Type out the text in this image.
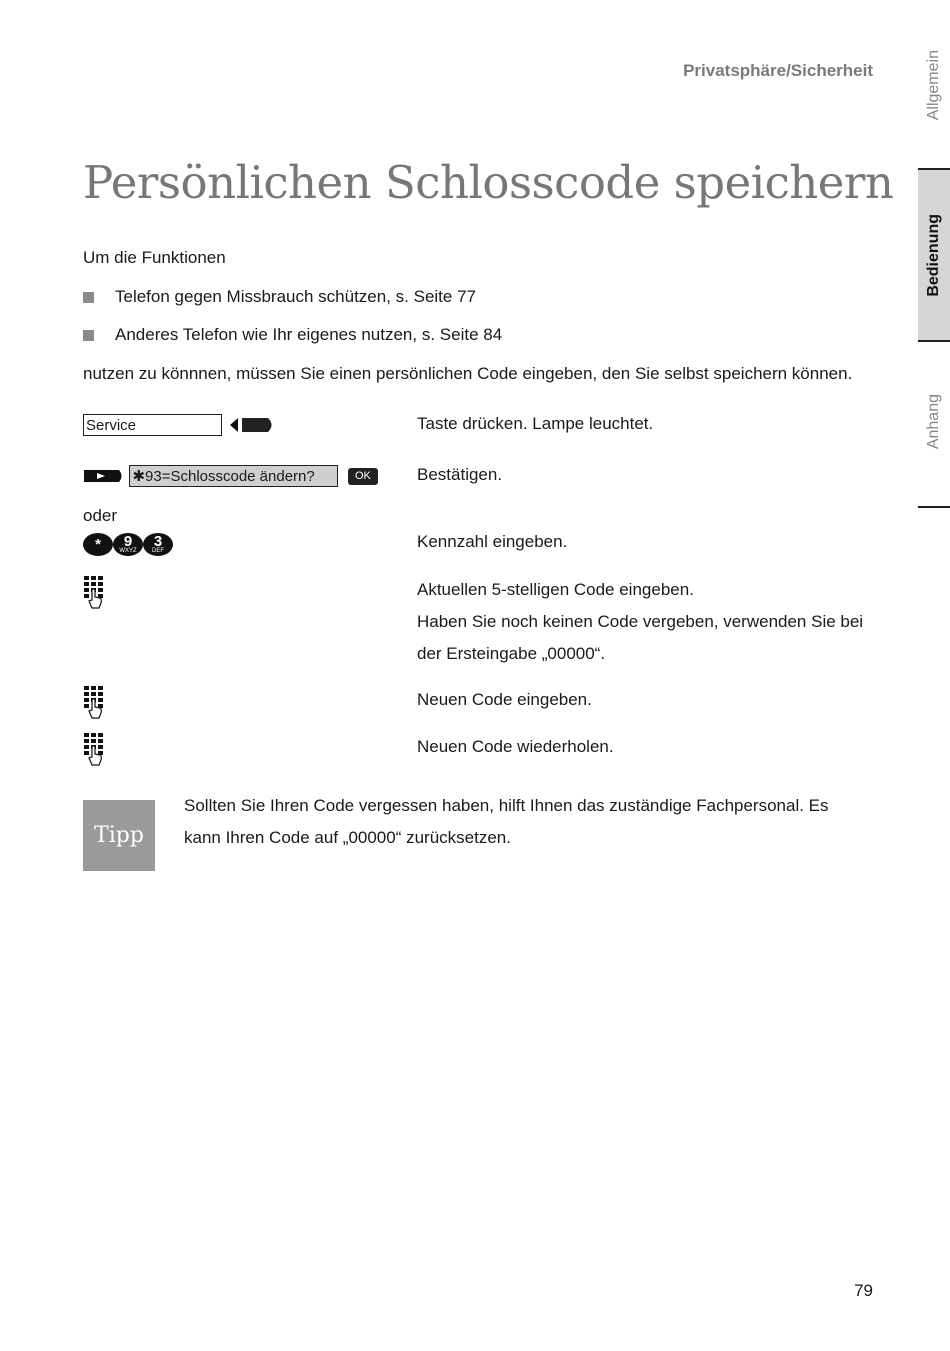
Privatsphäre/Sicherheit	Allgemein
Bedienung
Anhang
Persönlichen Schlosscode speichern
Um die Funktionen
Telefon gegen Missbrauch schützen, s. Seite 77
Anderes Telefon wie Ihr eigenes nutzen, s. Seite 84
nutzen zu könnnen, müssen Sie einen persönlichen Code eingeben, den Sie selbst speichern können.
Service	Taste drücken. Lampe leuchtet.
✱93=Schlosscode ändern?	OK	Bestätigen.
oder
* 9
WXYZ
3
DEF	Kennzahl eingeben.
Aktuellen 5-stelligen Code eingeben.
Haben Sie noch keinen Code vergeben, verwenden Sie bei der Ersteingabe „00000“.
Neuen Code eingeben.
Neuen Code wiederholen.
Tipp
Sollten Sie Ihren Code vergessen haben, hilft Ihnen das zuständige Fachpersonal. Es kann Ihren Code auf „00000“ zurücksetzen.
79
